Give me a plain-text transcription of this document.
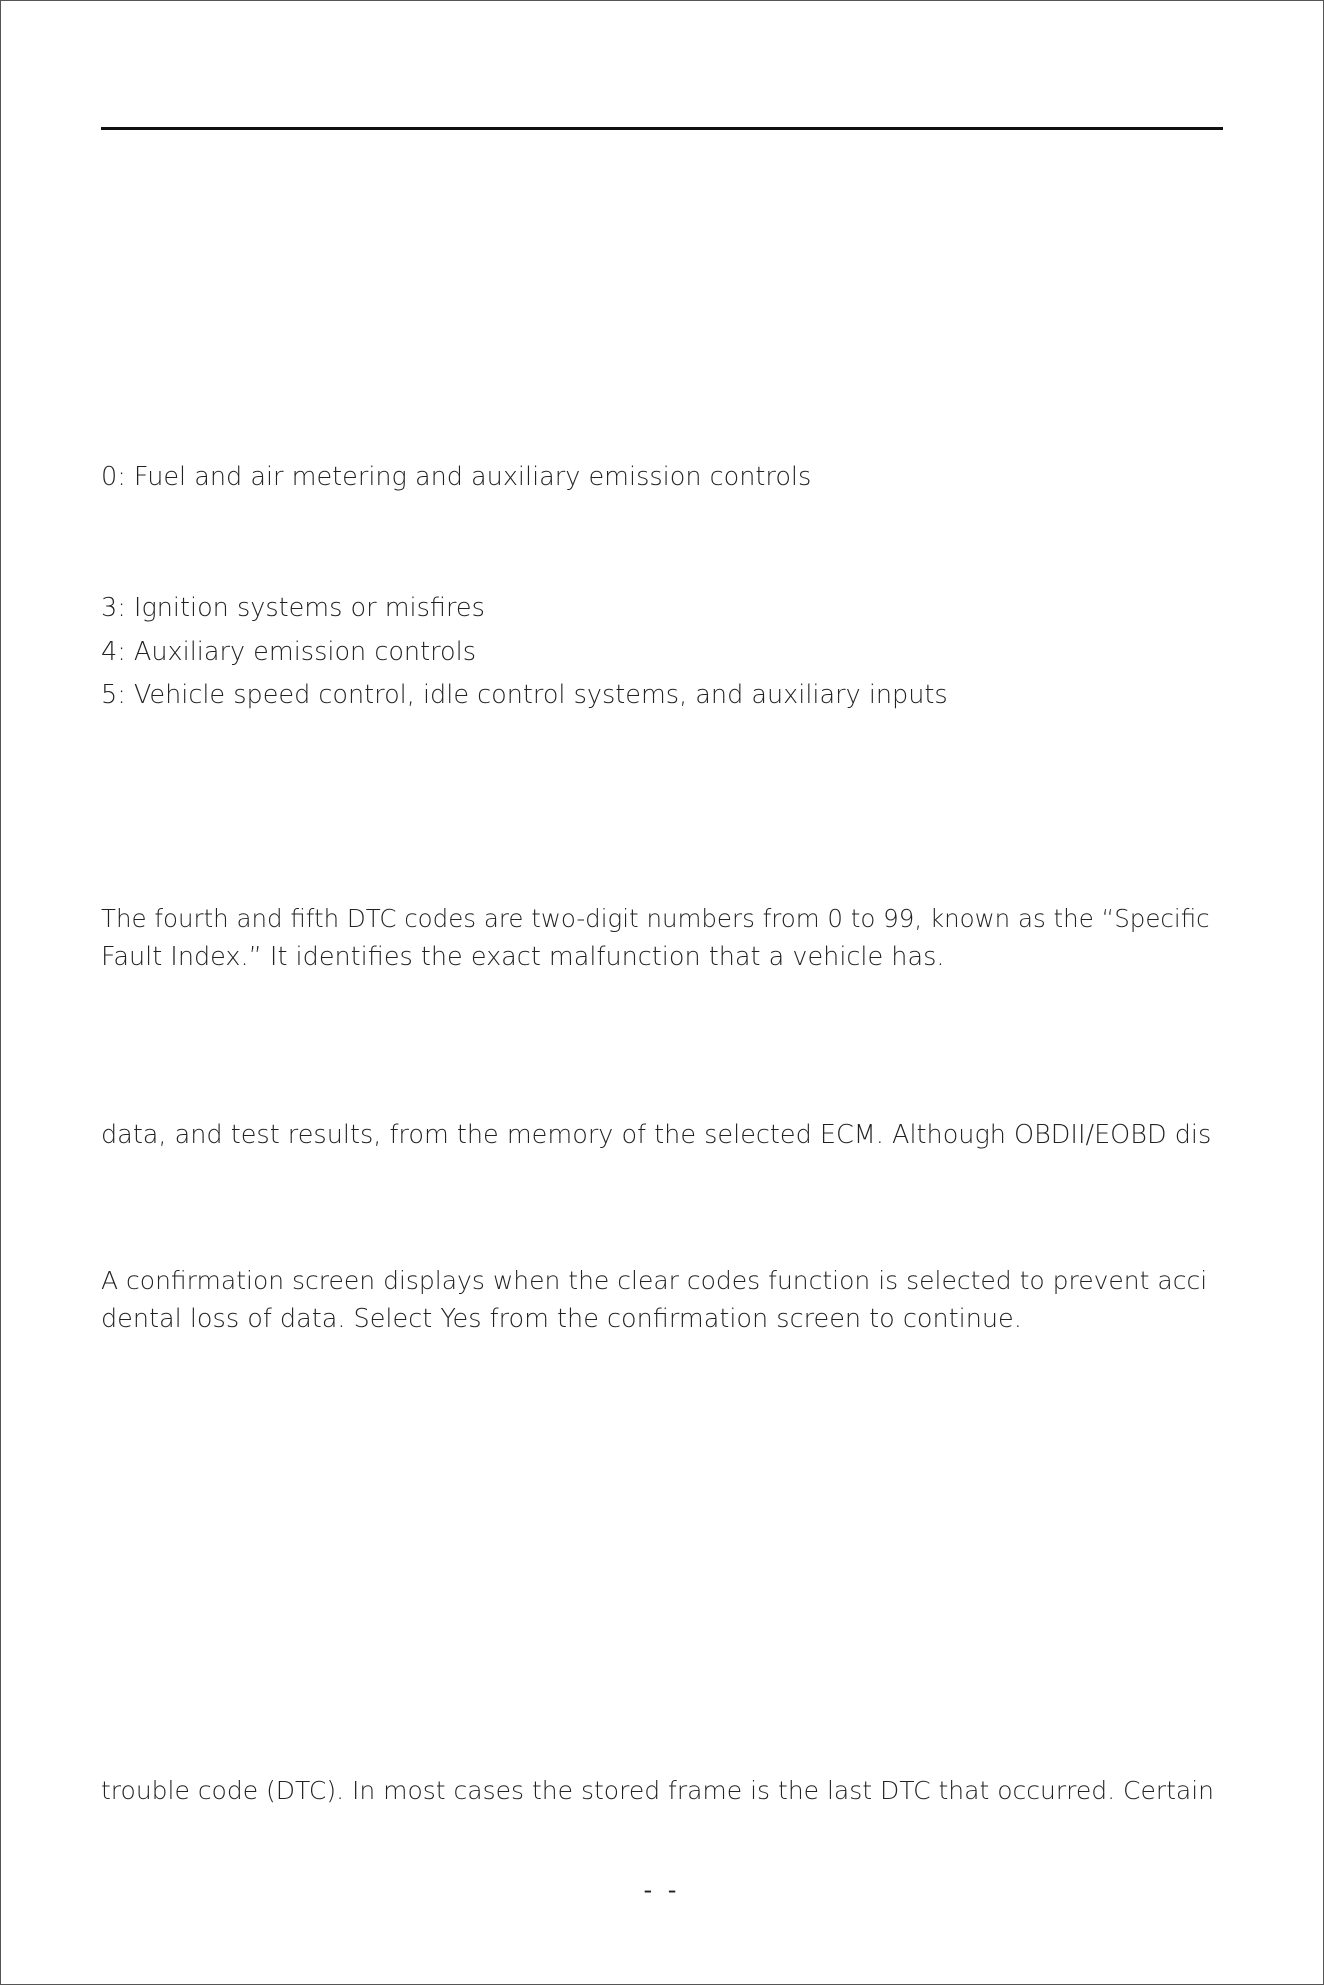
0: Fuel and air metering and auxiliary emission controls
3: Ignition systems or misfires
4: Auxiliary emission controls
5: Vehicle speed control, idle control systems, and auxiliary inputs
The fourth and fifth DTC codes are two-digit numbers from 0 to 99, known as the “Specific
Fault Index.” It identifies the exact malfunction that a vehicle has.
data, and test results, from the memory of the selected ECM. Although OBDII/EOBD dis
A confirmation screen displays when the clear codes function is selected to prevent acci
dental loss of data. Select Yes from the confirmation screen to continue.
trouble code (DTC). In most cases the stored frame is the last DTC that occurred. Certain
- -
